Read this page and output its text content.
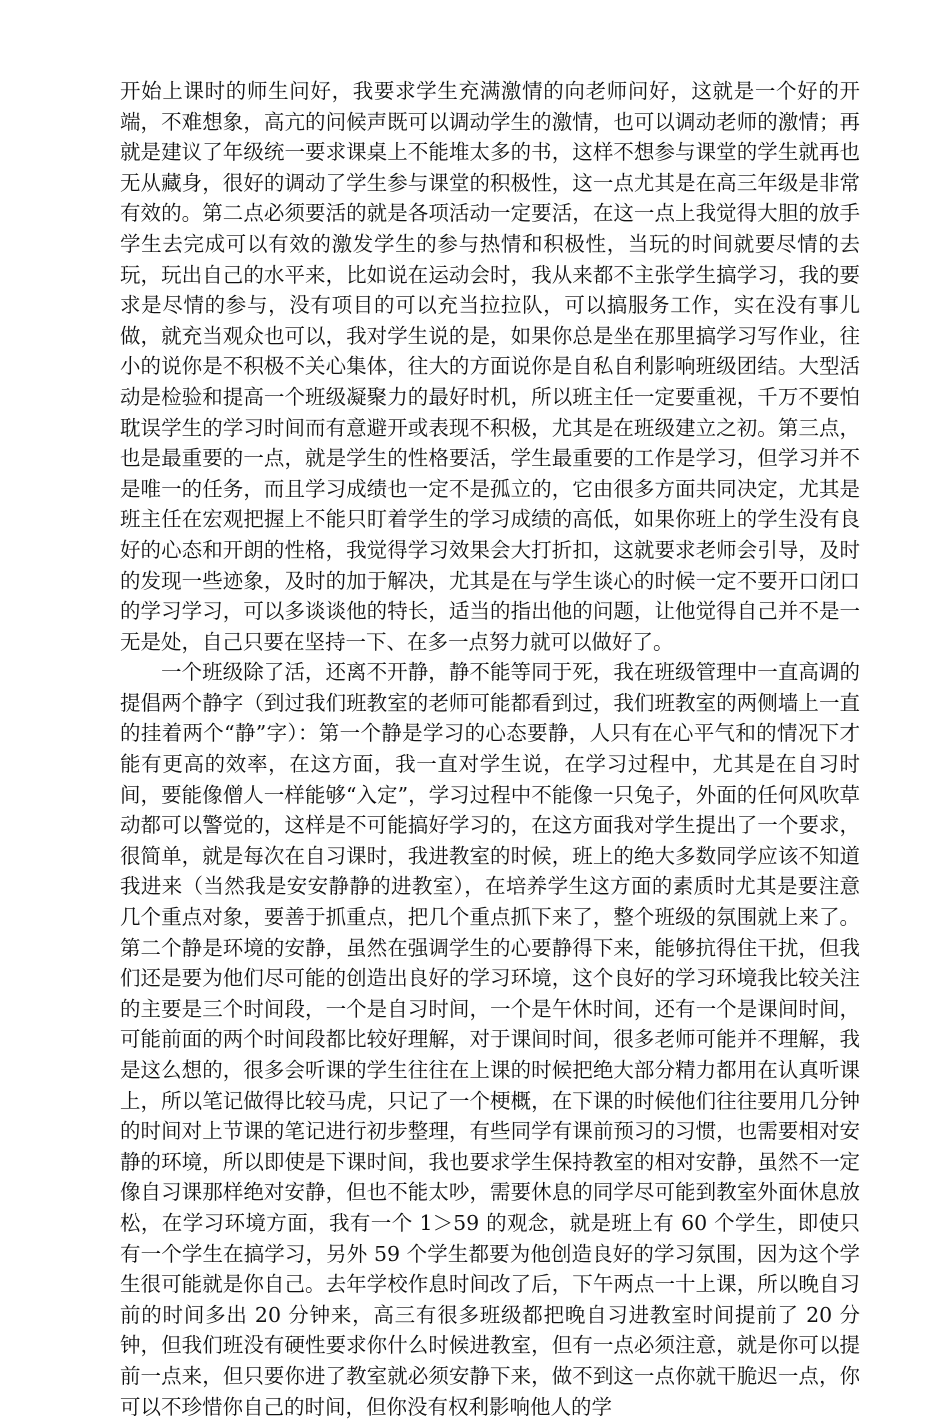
开始上课时的师生问好，我要求学生充满激情的向老师问好，这就是一个好的开端，不难想象，高亢的问候声既可以调动学生的激情，也可以调动老师的激情；再就是建议了年级统一要求课桌上不能堆太多的书，这样不想参与课堂的学生就再也无从藏身，很好的调动了学生参与课堂的积极性，这一点尤其是在高三年级是非常有效的。第二点必须要活的就是各项活动一定要活，在这一点上我觉得大胆的放手学生去完成可以有效的激发学生的参与热情和积极性，当玩的时间就要尽情的去玩，玩出自己的水平来，比如说在运动会时，我从来都不主张学生搞学习，我的要求是尽情的参与，没有项目的可以充当拉拉队，可以搞服务工作，实在没有事儿做，就充当观众也可以，我对学生说的是，如果你总是坐在那里搞学习写作业，往小的说你是不积极不关心集体，往大的方面说你是自私自利影响班级团结。大型活动是检验和提高一个班级凝聚力的最好时机，所以班主任一定要重视，千万不要怕耽误学生的学习时间而有意避开或表现不积极，尤其是在班级建立之初。第三点，也是最重要的一点，就是学生的性格要活，学生最重要的工作是学习，但学习并不是唯一的任务，而且学习成绩也一定不是孤立的，它由很多方面共同决定，尤其是班主任在宏观把握上不能只盯着学生的学习成绩的高低，如果你班上的学生没有良好的心态和开朗的性格，我觉得学习效果会大打折扣，这就要求老师会引导，及时的发现一些迹象，及时的加于解决，尤其是在与学生谈心的时候一定不要开口闭口的学习学习，可以多谈谈他的特长，适当的指出他的问题，让他觉得自己并不是一无是处，自己只要在坚持一下、在多一点努力就可以做好了。

一个班级除了活，还离不开静，静不能等同于死，我在班级管理中一直高调的提倡两个静字（到过我们班教室的老师可能都看到过，我们班教室的两侧墙上一直的挂着两个“静”字）：第一个静是学习的心态要静，人只有在心平气和的情况下才能有更高的效率，在这方面，我一直对学生说，在学习过程中，尤其是在自习时间，要能像僧人一样能够“入定”，学习过程中不能像一只兔子，外面的任何风吹草动都可以警觉的，这样是不可能搞好学习的，在这方面我对学生提出了一个要求，很简单，就是每次在自习课时，我进教室的时候，班上的绝大多数同学应该不知道我进来（当然我是安安静静的进教室），在培养学生这方面的素质时尤其是要注意几个重点对象，要善于抓重点，把几个重点抓下来了，整个班级的氛围就上来了。第二个静是环境的安静，虽然在强调学生的心要静得下来，能够抗得住干扰，但我们还是要为他们尽可能的创造出良好的学习环境，这个良好的学习环境我比较关注的主要是三个时间段，一个是自习时间，一个是午休时间，还有一个是课间时间，可能前面的两个时间段都比较好理解，对于课间时间，很多老师可能并不理解，我是这么想的，很多会听课的学生往往在上课的时候把绝大部分精力都用在认真听课上，所以笔记做得比较马虎，只记了一个梗概，在下课的时候他们往往要用几分钟的时间对上节课的笔记进行初步整理，有些同学有课前预习的习惯，也需要相对安静的环境，所以即使是下课时间，我也要求学生保持教室的相对安静，虽然不一定像自习课那样绝对安静，但也不能太吵，需要休息的同学尽可能到教室外面休息放松，在学习环境方面，我有一个 1＞59 的观念，就是班上有 60 个学生，即使只有一个学生在搞学习，另外 59 个学生都要为他创造良好的学习氛围，因为这个学生很可能就是你自己。去年学校作息时间改了后，下午两点一十上课，所以晚自习前的时间多出 20 分钟来，高三有很多班级都把晚自习进教室时间提前了 20 分钟，但我们班没有硬性要求你什么时候进教室，但有一点必须注意，就是你可以提前一点来，但只要你进了教室就必须安静下来，做不到这一点你就干脆迟一点，你可以不珍惜你自己的时间，但你没有权利影响他人的学
